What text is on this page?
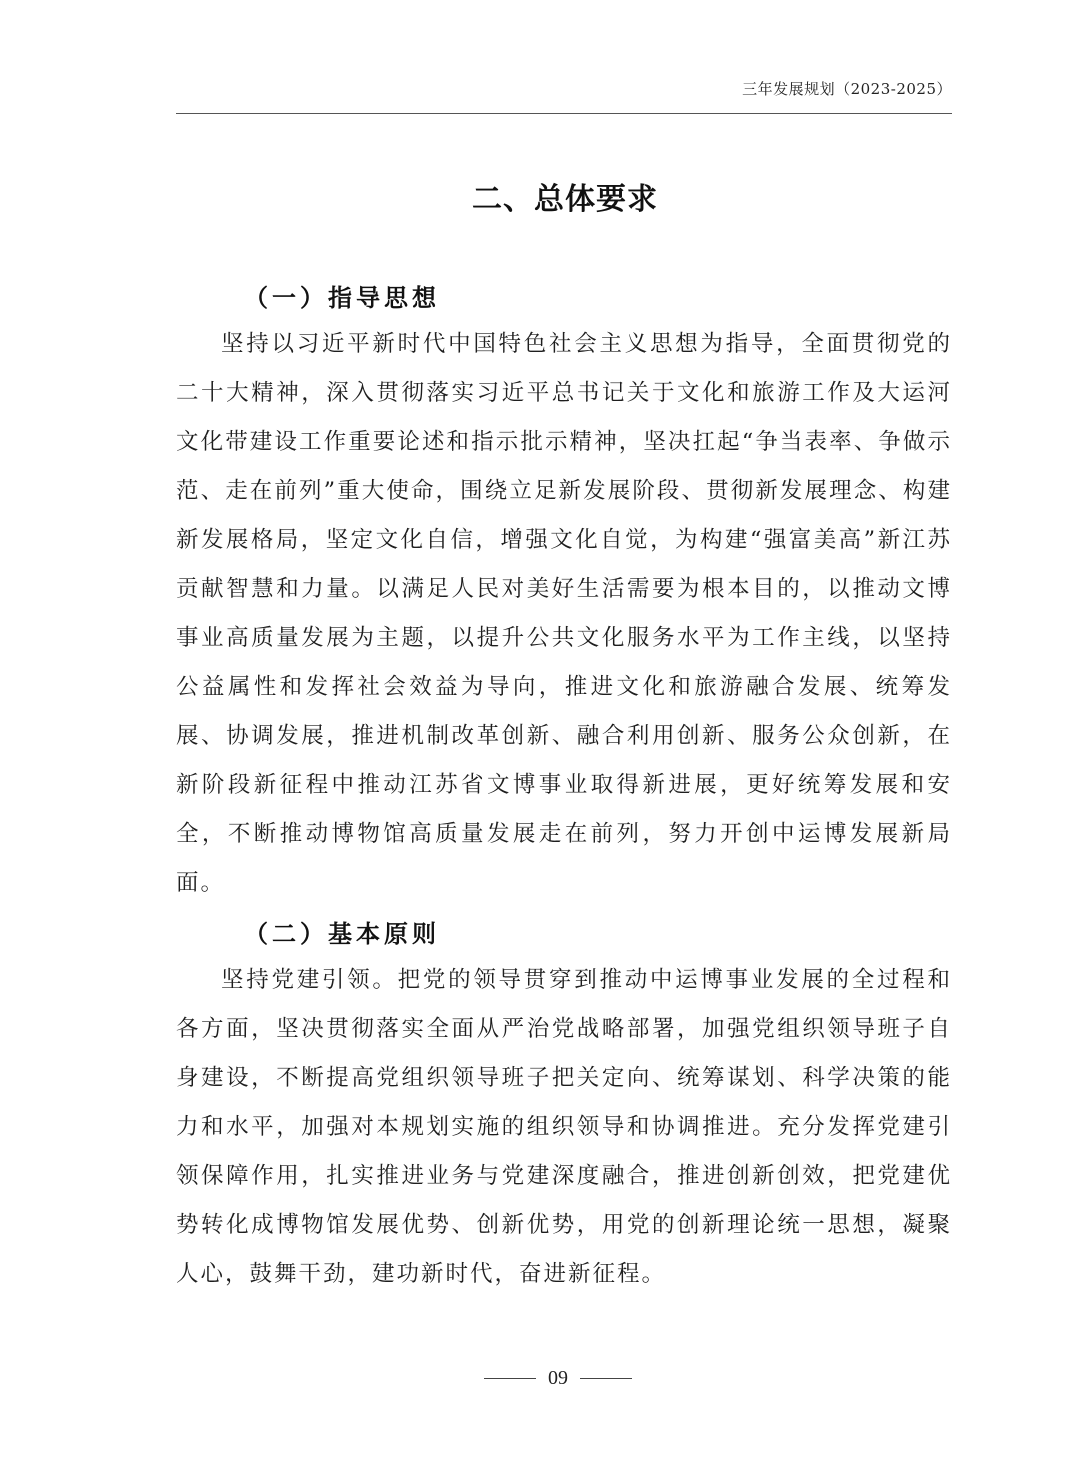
三年发展规划（2023-2025）
二、总体要求
（一）指导思想

坚持以习近平新时代中国特色社会主义思想为指导，全面贯彻党的二十大精神，深入贯彻落实习近平总书记关于文化和旅游工作及大运河文化带建设工作重要论述和指示批示精神，坚决扛起“争当表率、争做示范、走在前列”重大使命，围绕立足新发展阶段、贯彻新发展理念、构建新发展格局，坚定文化自信，增强文化自觉，为构建“强富美高”新江苏贡献智慧和力量。以满足人民对美好生活需要为根本目的，以推动文博事业高质量发展为主题，以提升公共文化服务水平为工作主线，以坚持公益属性和发挥社会效益为导向，推进文化和旅游融合发展、统筹发展、协调发展，推进机制改革创新、融合利用创新、服务公众创新，在新阶段新征程中推动江苏省文博事业取得新进展，更好统筹发展和安全，不断推动博物馆高质量发展走在前列，努力开创中运博发展新局面。

（二）基本原则

坚持党建引领。把党的领导贯穿到推动中运博事业发展的全过程和各方面，坚决贯彻落实全面从严治党战略部署，加强党组织领导班子自身建设，不断提高党组织领导班子把关定向、统筹谋划、科学决策的能力和水平，加强对本规划实施的组织领导和协调推进。充分发挥党建引领保障作用，扎实推进业务与党建深度融合，推进创新创效，把党建优势转化成博物馆发展优势、创新优势，用党的创新理论统一思想，凝聚人心，鼓舞干劲，建功新时代，奋进新征程。

09
